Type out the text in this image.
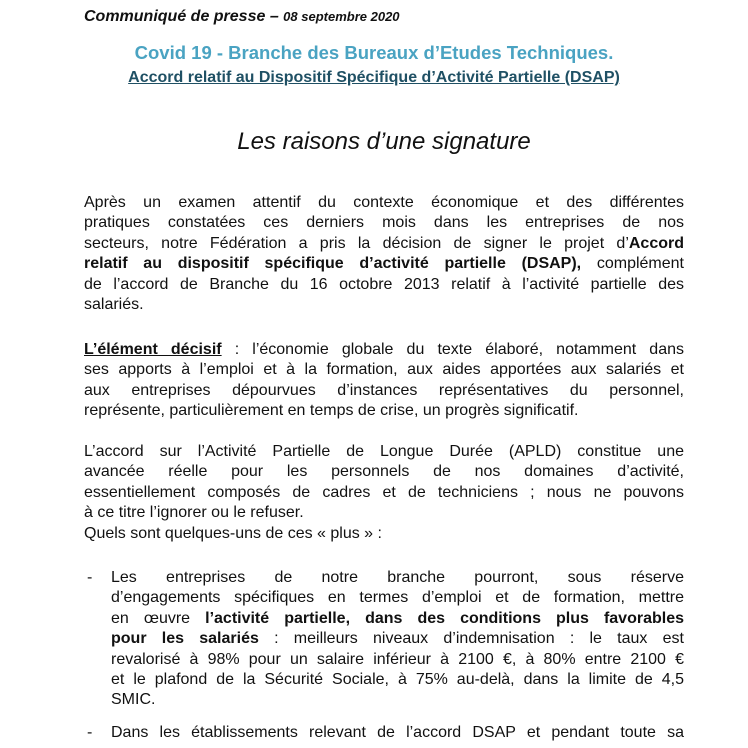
Communiqué de presse – 08 septembre 2020
Covid 19 - Branche des Bureaux d’Etudes Techniques.
Accord relatif au Dispositif Spécifique d’Activité Partielle (DSAP)
Les raisons d’une signature
Après un examen attentif du contexte économique et des différentes
pratiques constatées ces derniers mois dans les entreprises de nos
secteurs, notre Fédération a pris la décision de signer le projet d’Accord
relatif au dispositif spécifique d’activité partielle (DSAP), complément
de l’accord de Branche du 16 octobre 2013 relatif à l’activité partielle des
salariés.
L’élément décisif : l’économie globale du texte élaboré, notamment dans
ses apports à l’emploi et à la formation, aux aides apportées aux salariés et
aux entreprises dépourvues d’instances représentatives du personnel,
représente, particulièrement en temps de crise, un progrès significatif.
L’accord sur l’Activité Partielle de Longue Durée (APLD) constitue une
avancée réelle pour les personnels de nos domaines d’activité,
essentiellement composés de cadres et de techniciens ; nous ne pouvons
à ce titre l’ignorer ou le refuser.
Quels sont quelques-uns de ces « plus » :
- Les entreprises de notre branche pourront, sous réserve
d’engagements spécifiques en termes d’emploi et de formation, mettre
en œuvre l’activité partielle, dans des conditions plus favorables
pour les salariés : meilleurs niveaux d’indemnisation : le taux est
revalorisé à 98% pour un salaire inférieur à 2100 €, à 80% entre 2100 €
et le plafond de la Sécurité Sociale, à 75% au-delà, dans la limite de 4,5
SMIC.
- Dans les établissements relevant de l’accord DSAP et pendant toute sa
